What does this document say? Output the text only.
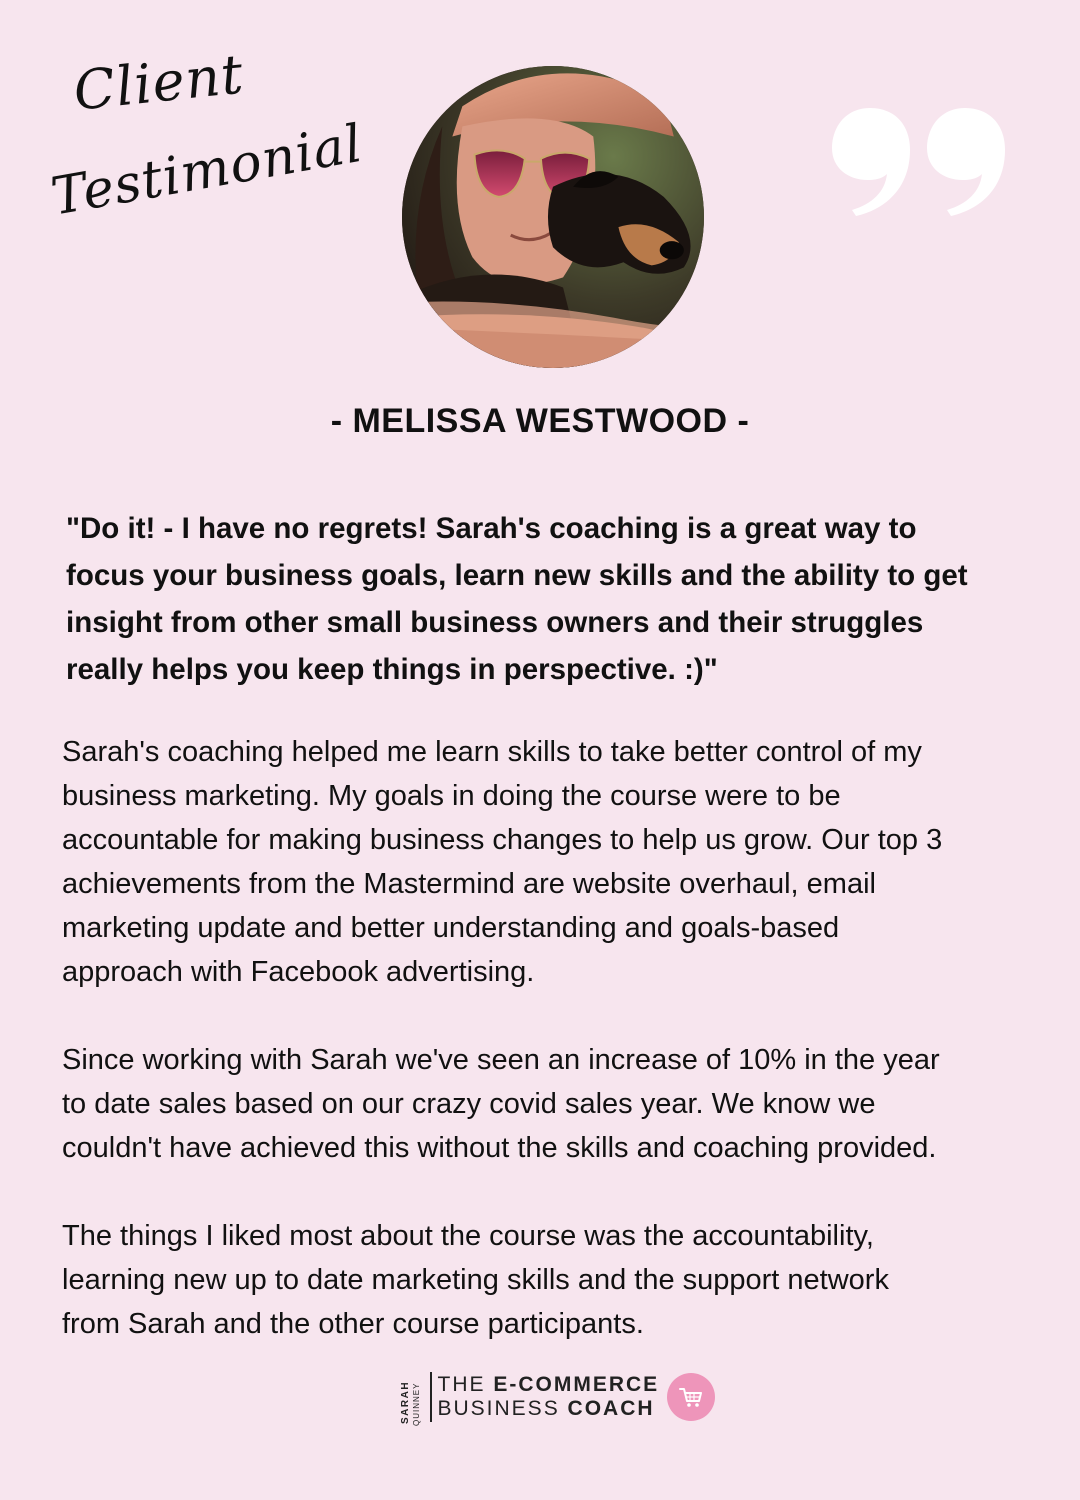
Client
Testimonial
- MELISSA WESTWOOD -

"Do it! - I have no regrets! Sarah's coaching is a great way to
focus your business goals, learn new skills and the ability to get
insight from other small business owners and their struggles
really helps you keep things in perspective. :)"

Sarah's coaching helped me learn skills to take better control of my
business marketing. My goals in doing the course were to be
accountable for making business changes to help us grow. Our top 3
achievements from the Mastermind are website overhaul, email
marketing update and better understanding and goals-based
approach with Facebook advertising.

Since working with Sarah we've seen an increase of 10% in the year
to date sales based on our crazy covid sales year. We know we
couldn't have achieved this without the skills and coaching provided.

The things I liked most about the course was the accountability,
learning new up to date marketing skills and the support network
from Sarah and the other course participants.

SARAH QUINNEY THE E-COMMERCE
BUSINESS COACH
